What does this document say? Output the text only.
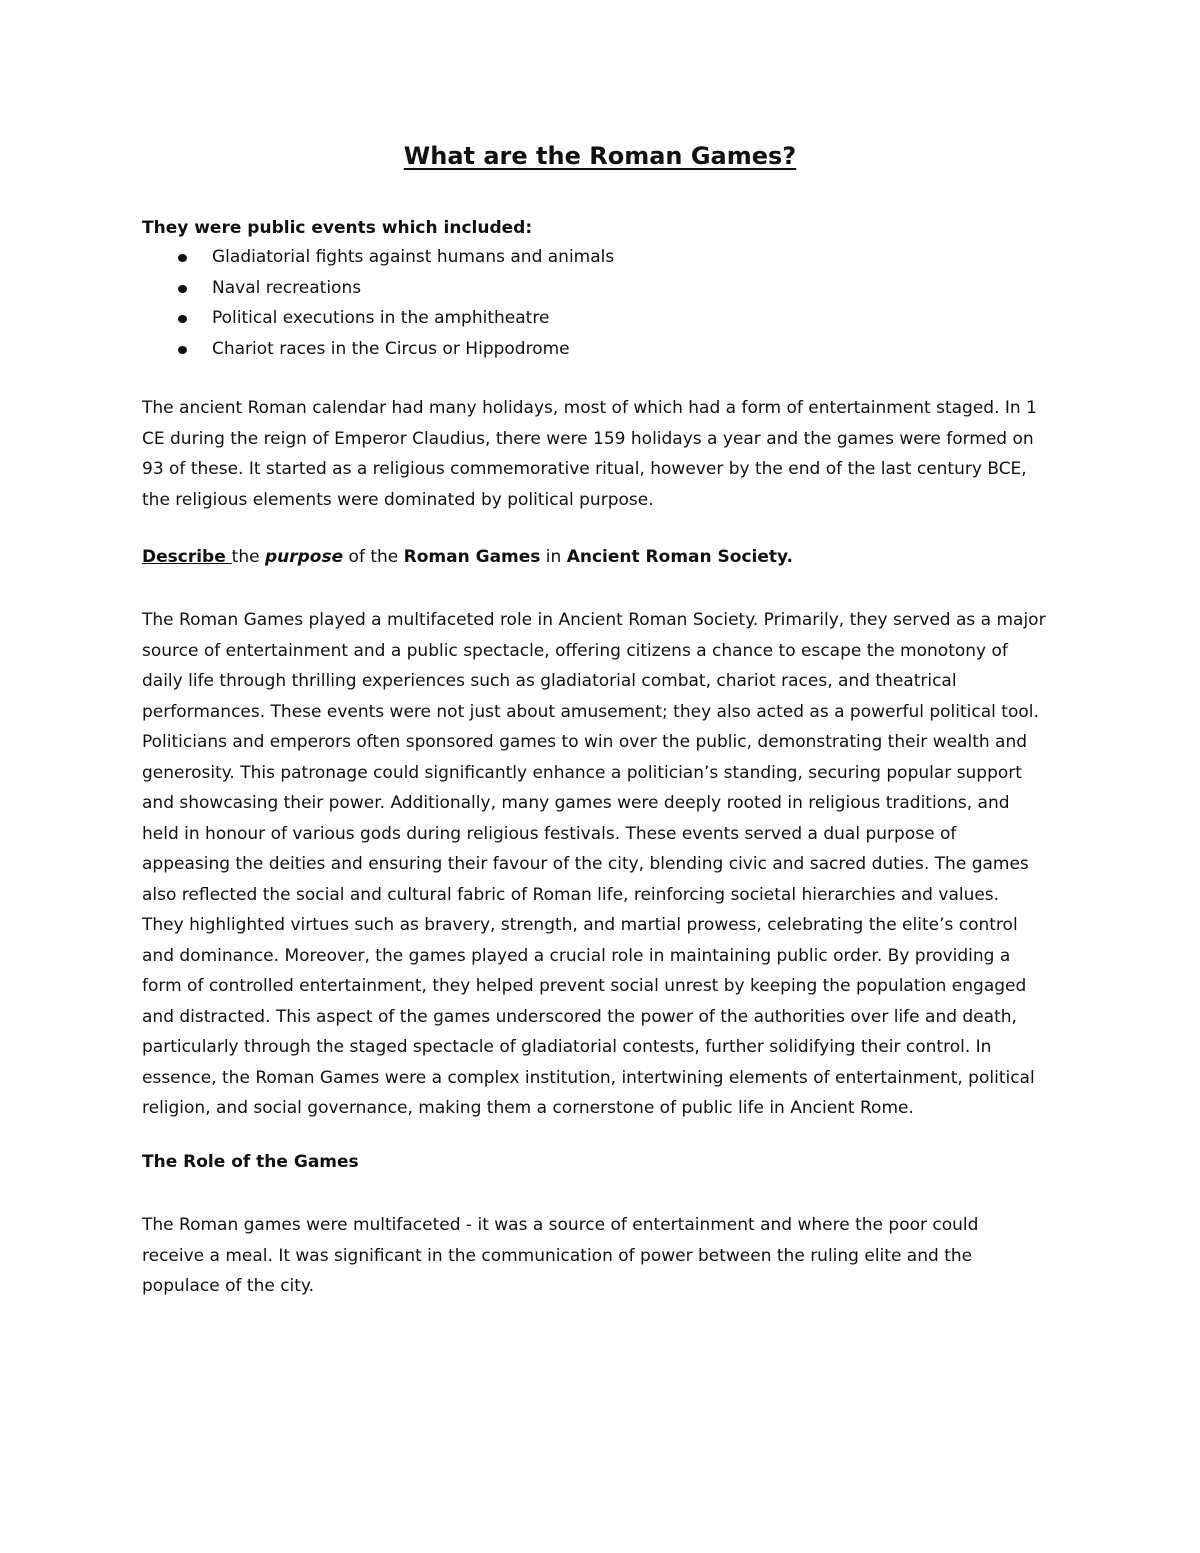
What are the Roman Games?

They were public events which included:

Gladiatorial fights against humans and animals
Naval recreations
Political executions in the amphitheatre
Chariot races in the Circus or Hippodrome

The ancient Roman calendar had many holidays, most of which had a form of entertainment staged. In 1
CE during the reign of Emperor Claudius, there were 159 holidays a year and the games were formed on
93 of these. It started as a religious commemorative ritual, however by the end of the last century BCE,
the religious elements were dominated by political purpose.

Describe the purpose of the Roman Games in Ancient Roman Society.

The Roman Games played a multifaceted role in Ancient Roman Society. Primarily, they served as a major
source of entertainment and a public spectacle, offering citizens a chance to escape the monotony of
daily life through thrilling experiences such as gladiatorial combat, chariot races, and theatrical
performances. These events were not just about amusement; they also acted as a powerful political tool.
Politicians and emperors often sponsored games to win over the public, demonstrating their wealth and
generosity. This patronage could significantly enhance a politician’s standing, securing popular support
and showcasing their power. Additionally, many games were deeply rooted in religious traditions, and
held in honour of various gods during religious festivals. These events served a dual purpose of
appeasing the deities and ensuring their favour of the city, blending civic and sacred duties. The games
also reflected the social and cultural fabric of Roman life, reinforcing societal hierarchies and values.
They highlighted virtues such as bravery, strength, and martial prowess, celebrating the elite’s control
and dominance. Moreover, the games played a crucial role in maintaining public order. By providing a
form of controlled entertainment, they helped prevent social unrest by keeping the population engaged
and distracted. This aspect of the games underscored the power of the authorities over life and death,
particularly through the staged spectacle of gladiatorial contests, further solidifying their control. In
essence, the Roman Games were a complex institution, intertwining elements of entertainment, political
religion, and social governance, making them a cornerstone of public life in Ancient Rome.

The Role of the Games

The Roman games were multifaceted - it was a source of entertainment and where the poor could
receive a meal. It was significant in the communication of power between the ruling elite and the
populace of the city.
